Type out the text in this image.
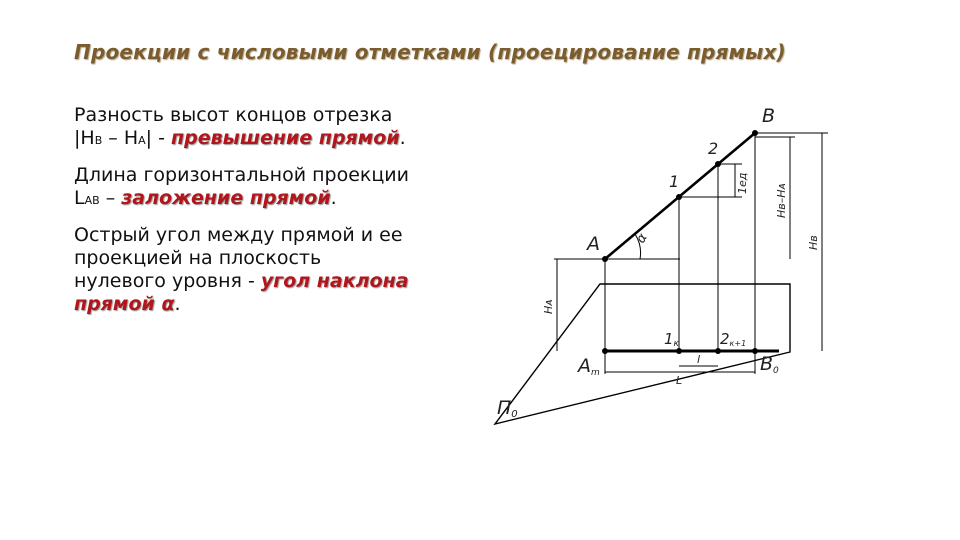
Проекции с числовыми отметками (проецирование прямых)

Разность высот концов отрезка |HB – HA| - превышение прямой.

Длина горизонтальной проекции LAB – заложение прямой.

Острый угол между прямой и ее проекцией на плоскость нулевого уровня - угол наклона прямой α.

A
B
1
2
α
1ед
Hᴀ
Hв–Hᴀ
Hв
Am
1к	2к+1
B0
l
L
П0
